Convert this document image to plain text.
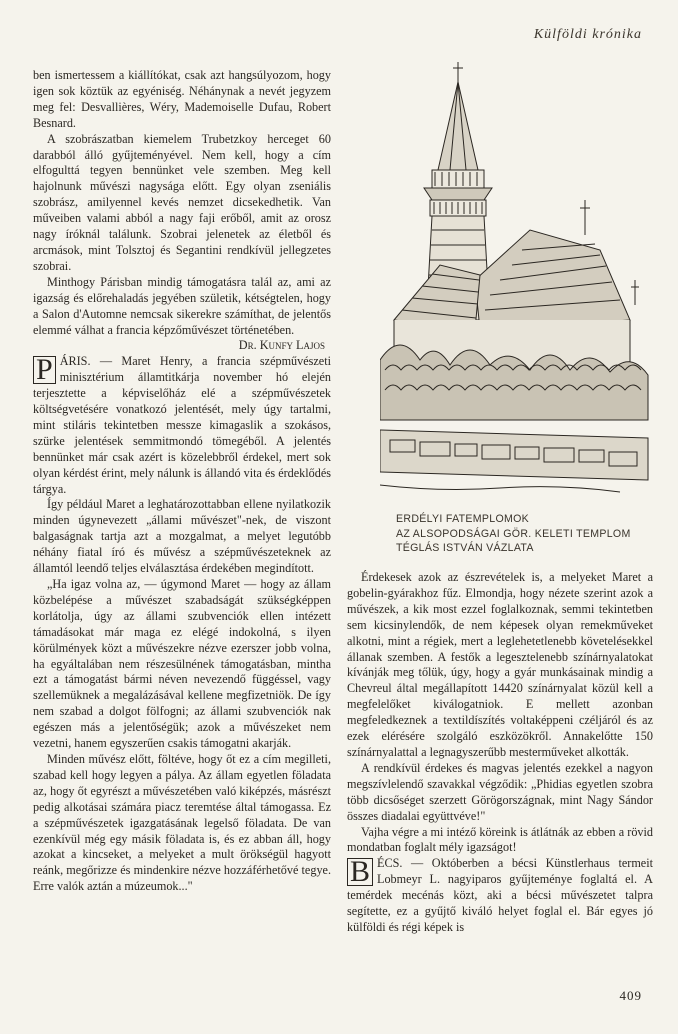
Külföldi krónika

ben ismertessem a kiállítókat, csak azt hangsúlyozom, hogy igen sok köztük az egyéniség. Néhánynak a nevét jegyzem meg fel: Desvallières, Wéry, Mademoiselle Dufau, Robert Besnard.

A szobrászatban kiemelem Trubetzkoy herceget 60 darabból álló gyűjteményével. Nem kell, hogy a cím elfogulttá tegyen bennünket vele szemben. Meg kell hajolnunk művészi nagysága előtt. Egy olyan zseniális szobrász, amilyennel kevés nemzet dicsekedhetik. Van műveiben valami abból a nagy faji erőből, amit az orosz nagy íróknál találunk. Szobrai jelenetek az életből és arcmások, mint Tolsztoj és Segantini rendkívül jellegzetes szobrai.

Minthogy Párisban mindig támogatásra talál az, ami az igazság és előrehaladás jegyében születik, kétségtelen, hogy a Salon d'Automne nemcsak sikerekre számíthat, de jelentős elemmé válhat a francia képzőművészet történetében.

Dr. Kunfy Lajos

P ÁRIS. — Maret Henry, a francia szépművészeti minisztérium államtitkárja november hó elején terjesztette a képviselőház elé a szépművészetek költségvetésére vonatkozó jelentését, mely úgy tartalmi, mint stiláris tekintetben messze kimagaslik a szokásos, szürke jelentések semmitmondó tömegéből. A jelentés bennünket már csak azért is közelebbről érdekel, mert sok olyan kérdést érint, mely nálunk is állandó vita és érdeklődés tárgya.

Így például Maret a leghatározottabban ellene nyilatkozik minden úgynevezett „állami művészet"-nek, de viszont balgaságnak tartja azt a mozgalmat, a melyet legutóbb néhány fiatal író és művész a szépművészeteknek az államtól leendő teljes elválasztása érdekében megindított.

„Ha igaz volna az, — úgymond Maret — hogy az állam közbelépése a művészet szabadságát szükségképpen korlátolja, úgy az állami szubvenciók ellen intézett támadásokat már maga ez elégé indokolná, s ilyen körülmények közt a művészekre nézve ezerszer jobb volna, ha egyáltalában nem részesülnének támogatásban, mintha ezt a támogatást bármi néven nevezendő függéssel, vagy szellemüknek a megalázásával kellene megfizetniök. De így nem szabad a dolgot fölfogni; az állami szubvenciók nak egészen más a jelentőségük; azok a művészeket nem vezetni, hanem egyszerűen csakis támogatni akarják.

Minden művész előtt, föltéve, hogy őt ez a cím megilleti, szabad kell hogy legyen a pálya. Az állam egyetlen föladata az, hogy őt egyrészt a művészetében való kiképzés, másrészt pedig alkotásai számára piacz teremtése által támogassa. Ez a szépművészetek igazgatásának legelső föladata. De van ezenkívül még egy másik föladata is, és ez abban áll, hogy azokat a kincseket, a melyeket a mult örökségül hagyott reánk, megőrizze és mindenkire nézve hozzáférhetővé tegye. Erre valók aztán a múzeumok..."

ERDÉLYI FATEMPLOMOK
AZ ALSOPODSÁGAI GÖR. KELETI TEMPLOM
TÉGLÁS ISTVÁN VÁZLATA

Érdekesek azok az észrevételek is, a melyeket Maret a gobelin-gyárakhoz fűz. Elmondja, hogy nézete szerint azok a művészek, a kik most ezzel foglalkoznak, semmi tekintetben sem kicsinylendők, de nem képesek olyan remekműveket alkotni, mint a régiek, mert a leglehetetlenebb követelésekkel állanak szemben. A festők a legesztelenebb színárnyalatokat kívánják meg tőlük, úgy, hogy a gyár munkásainak mindig a Chevreul által megállapított 14420 színárnyalat közül kell a megfelelőket kiválogatniok. E mellett azonban megfeledkeznek a textildíszítés voltaképpeni czéljáról és az ezek elérésére szolgáló eszközökről. Annakelőtte 150 színárnyalattal a legnagyszerűbb mesterműveket alkották.

A rendkívül érdekes és magvas jelentés ezekkel a nagyon megszívlelendő szavakkal végződik: „Phidias egyetlen szobra több dicsőséget szerzett Görögországnak, mint Nagy Sándor összes diadalai együttvéve!"

Vajha végre a mi intéző köreink is átlátnák az ebben a rövid mondatban foglalt mély igazságot!

B ÉCS. — Októberben a bécsi Künstlerhaus termeit Lobmeyr L. nagyiparos gyűjteménye foglaltá el. A temérdek mecénás közt, aki a bécsi művészetet talpra segítette, ez a gyűjtő kiváló helyet foglal el. Bár egyes jó külföldi és régi képek is

409
